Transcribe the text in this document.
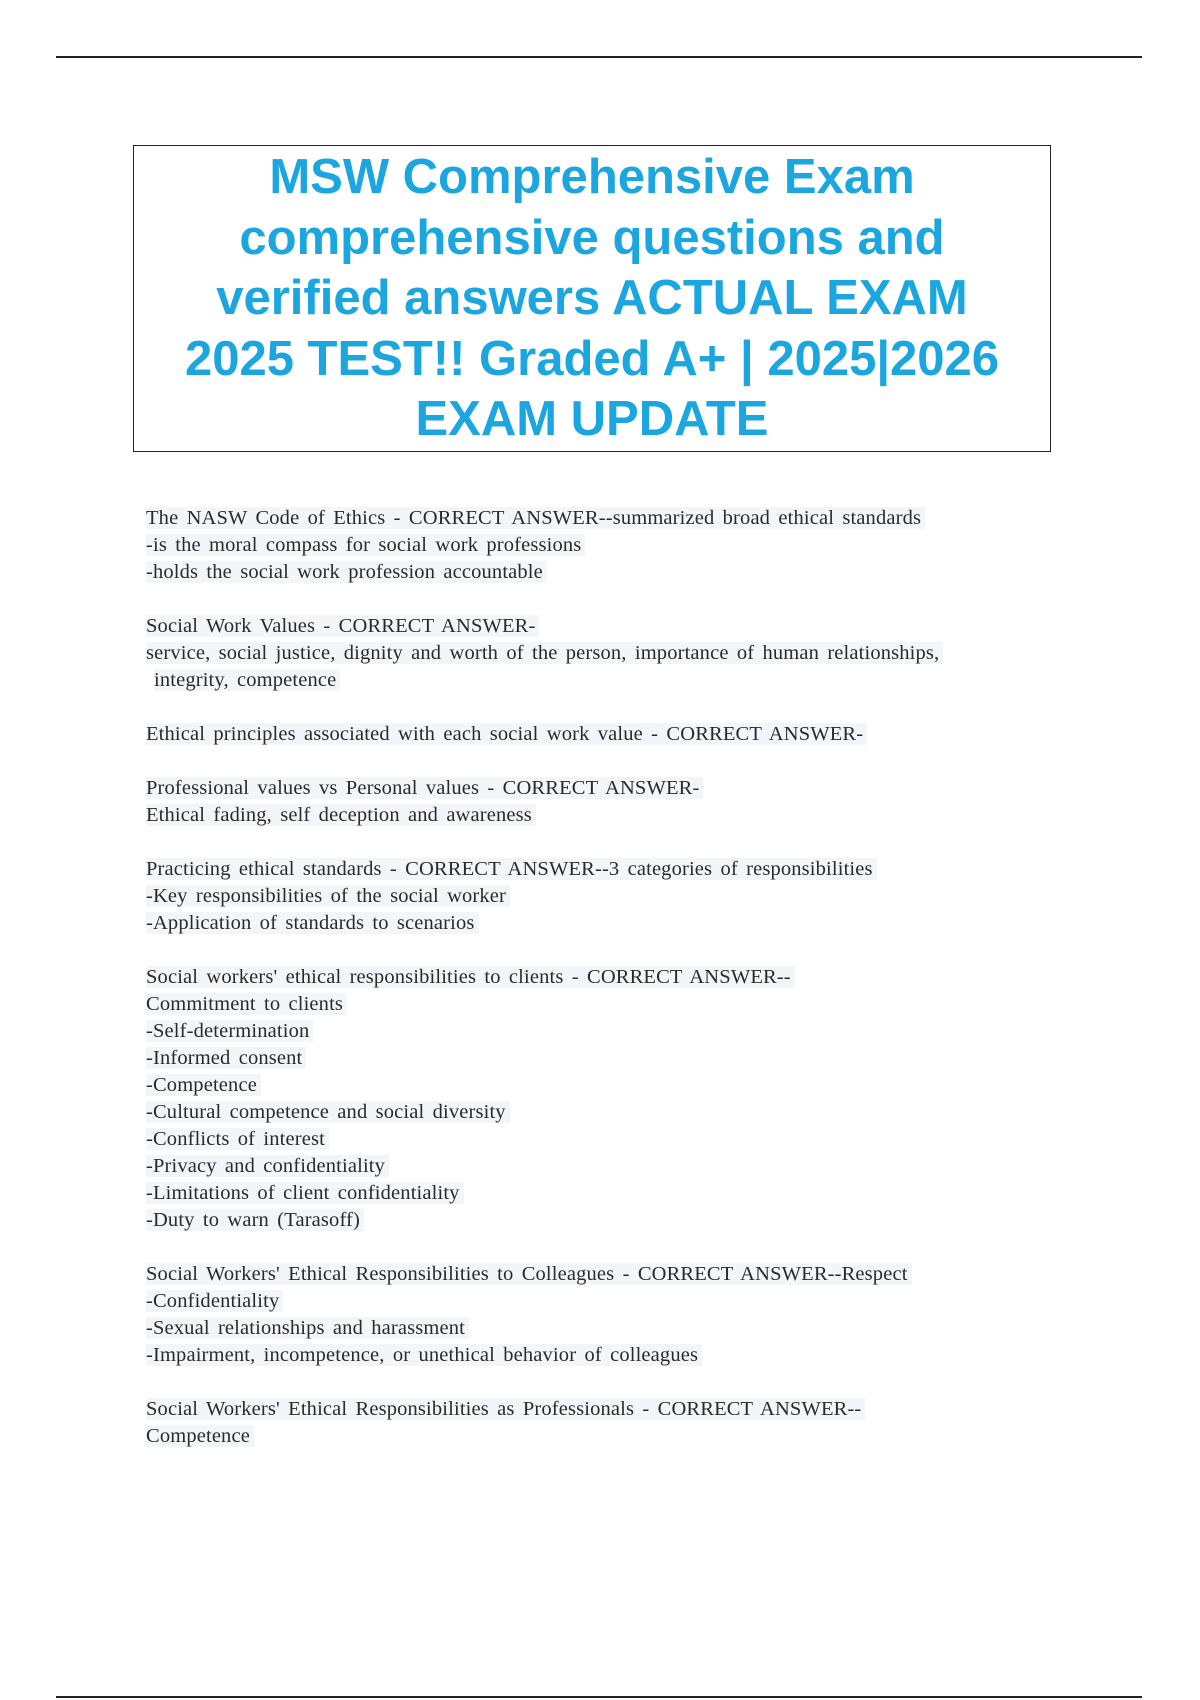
MSW Comprehensive Exam
comprehensive questions and
verified answers ACTUAL EXAM
2025 TEST!! Graded A+ | 2025|2026
EXAM UPDATE
The NASW Code of Ethics - CORRECT ANSWER--summarized broad ethical standards
-is the moral compass for social work professions
-holds the social work profession accountable
Social Work Values - CORRECT ANSWER-
service, social justice, dignity and worth of the person, importance of human relationships,
integrity, competence
Ethical principles associated with each social work value - CORRECT ANSWER-
Professional values vs Personal values - CORRECT ANSWER-
Ethical fading, self deception and awareness
Practicing ethical standards - CORRECT ANSWER--3 categories of responsibilities
-Key responsibilities of the social worker
-Application of standards to scenarios
Social workers' ethical responsibilities to clients - CORRECT ANSWER--
Commitment to clients
-Self-determination
-Informed consent
-Competence
-Cultural competence and social diversity
-Conflicts of interest
-Privacy and confidentiality
-Limitations of client confidentiality
-Duty to warn (Tarasoff)
Social Workers' Ethical Responsibilities to Colleagues - CORRECT ANSWER--Respect
-Confidentiality
-Sexual relationships and harassment
-Impairment, incompetence, or unethical behavior of colleagues
Social Workers' Ethical Responsibilities as Professionals - CORRECT ANSWER--
Competence
